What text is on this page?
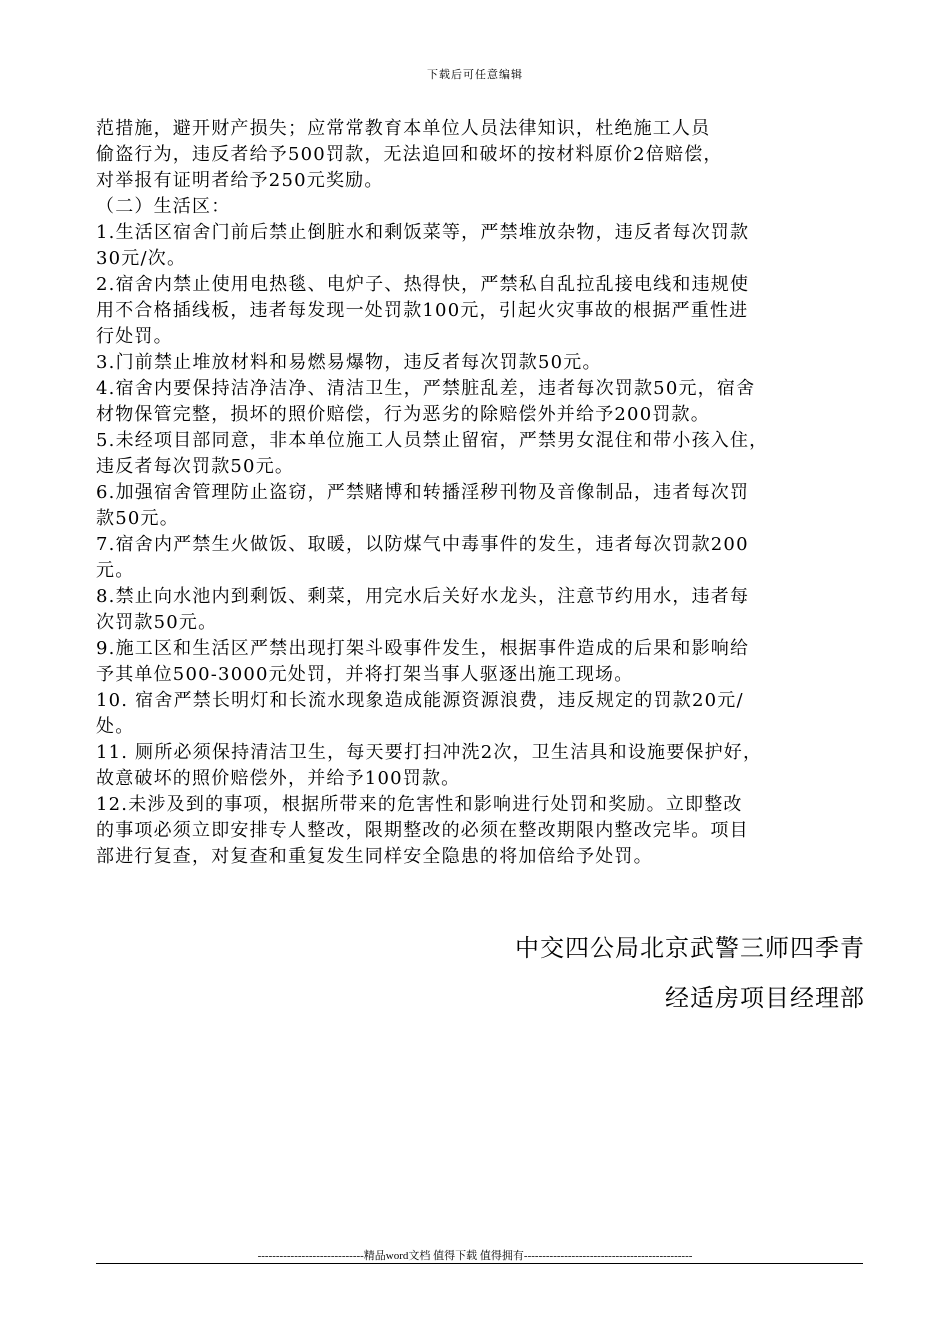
下载后可任意编辑

范措施，避开财产损失；应常常教育本单位人员法律知识，杜绝施工人员

偷盗行为，违反者给予500罚款，无法追回和破坏的按材料原价2倍赔偿，

对举报有证明者给予250元奖励。

（二）生活区：

1.生活区宿舍门前后禁止倒脏水和剩饭菜等，严禁堆放杂物，违反者每次罚款

30元/次。

2.宿舍内禁止使用电热毯、电炉子、热得快，严禁私自乱拉乱接电线和违规使

用不合格插线板，违者每发现一处罚款100元，引起火灾事故的根据严重性进

行处罚。

3.门前禁止堆放材料和易燃易爆物，违反者每次罚款50元。

4.宿舍内要保持洁净洁净、清洁卫生，严禁脏乱差，违者每次罚款50元，宿舍

材物保管完整，损坏的照价赔偿，行为恶劣的除赔偿外并给予200罚款。

5.未经项目部同意，非本单位施工人员禁止留宿，严禁男女混住和带小孩入住，

违反者每次罚款50元。

6.加强宿舍管理防止盗窃，严禁赌博和转播淫秽刊物及音像制品，违者每次罚

款50元。

7.宿舍内严禁生火做饭、取暖，以防煤气中毒事件的发生，违者每次罚款200

元。

8.禁止向水池内到剩饭、剩菜，用完水后关好水龙头，注意节约用水，违者每

次罚款50元。

9.施工区和生活区严禁出现打架斗殴事件发生，根据事件造成的后果和影响给

予其单位500-3000元处罚，并将打架当事人驱逐出施工现场。

10. 宿舍严禁长明灯和长流水现象造成能源资源浪费，违反规定的罚款20元/

处。

11. 厕所必须保持清洁卫生，每天要打扫冲洗2次，卫生洁具和设施要保护好，

故意破坏的照价赔偿外，并给予100罚款。

12.未涉及到的事项，根据所带来的危害性和影响进行处罚和奖励。立即整改

的事项必须立即安排专人整改，限期整改的必须在整改期限内整改完毕。项目

部进行复查，对复查和重复发生同样安全隐患的将加倍给予处罚。

中交四公局北京武警三师四季青
经适房项目经理部
-----------------------------精品word文档 值得下载 值得拥有----------------------------------------------
